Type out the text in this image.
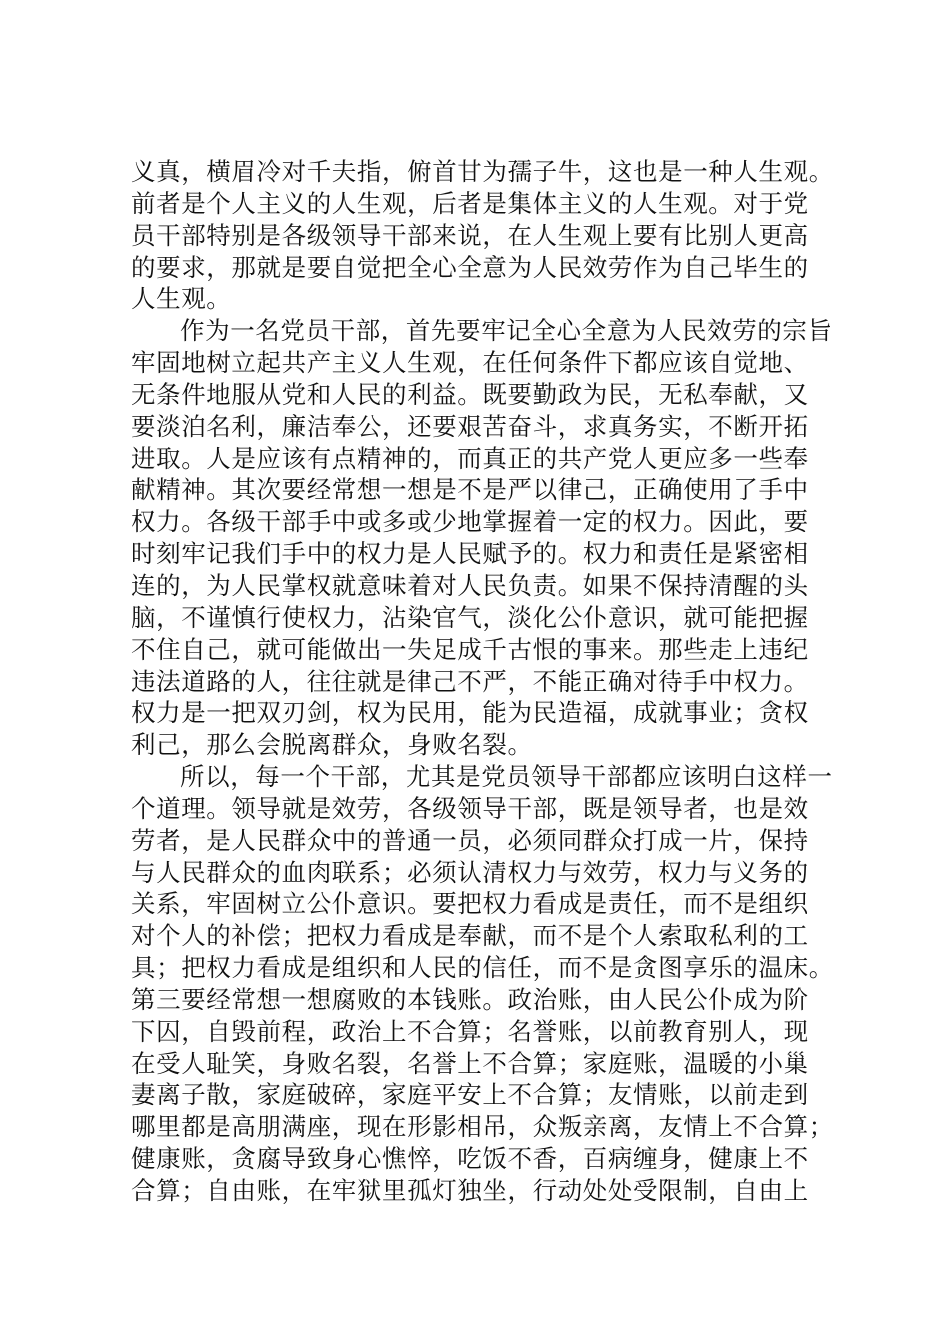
义真，横眉冷对千夫指，俯首甘为孺子牛，这也是一种人生观。
前者是个人主义的人生观，后者是集体主义的人生观。对于党
员干部特别是各级领导干部来说，在人生观上要有比别人更高
的要求，那就是要自觉把全心全意为人民效劳作为自己毕生的
人生观。
作为一名党员干部，首先要牢记全心全意为人民效劳的宗旨
牢固地树立起共产主义人生观，在任何条件下都应该自觉地、
无条件地服从党和人民的利益。既要勤政为民，无私奉献，又
要淡泊名利，廉洁奉公，还要艰苦奋斗，求真务实，不断开拓
进取。人是应该有点精神的，而真正的共产党人更应多一些奉
献精神。其次要经常想一想是不是严以律己，正确使用了手中
权力。各级干部手中或多或少地掌握着一定的权力。因此，要
时刻牢记我们手中的权力是人民赋予的。权力和责任是紧密相
连的，为人民掌权就意味着对人民负责。如果不保持清醒的头
脑，不谨慎行使权力，沾染官气，淡化公仆意识，就可能把握
不住自己，就可能做出一失足成千古恨的事来。那些走上违纪
违法道路的人，往往就是律己不严，不能正确对待手中权力。
权力是一把双刃剑，权为民用，能为民造福，成就事业；贪权
利己，那么会脱离群众，身败名裂。
所以，每一个干部，尤其是党员领导干部都应该明白这样一
个道理。领导就是效劳，各级领导干部，既是领导者，也是效
劳者，是人民群众中的普通一员，必须同群众打成一片，保持
与人民群众的血肉联系；必须认清权力与效劳，权力与义务的
关系，牢固树立公仆意识。要把权力看成是责任，而不是组织
对个人的补偿；把权力看成是奉献，而不是个人索取私利的工
具；把权力看成是组织和人民的信任，而不是贪图享乐的温床。
第三要经常想一想腐败的本钱账。政治账，由人民公仆成为阶
下囚，自毁前程，政治上不合算；名誉账，以前教育别人，现
在受人耻笑，身败名裂，名誉上不合算；家庭账，温暖的小巢
妻离子散，家庭破碎，家庭平安上不合算；友情账，以前走到
哪里都是高朋满座，现在形影相吊，众叛亲离，友情上不合算；
健康账，贪腐导致身心憔悴，吃饭不香，百病缠身，健康上不
合算；自由账，在牢狱里孤灯独坐，行动处处受限制，自由上
